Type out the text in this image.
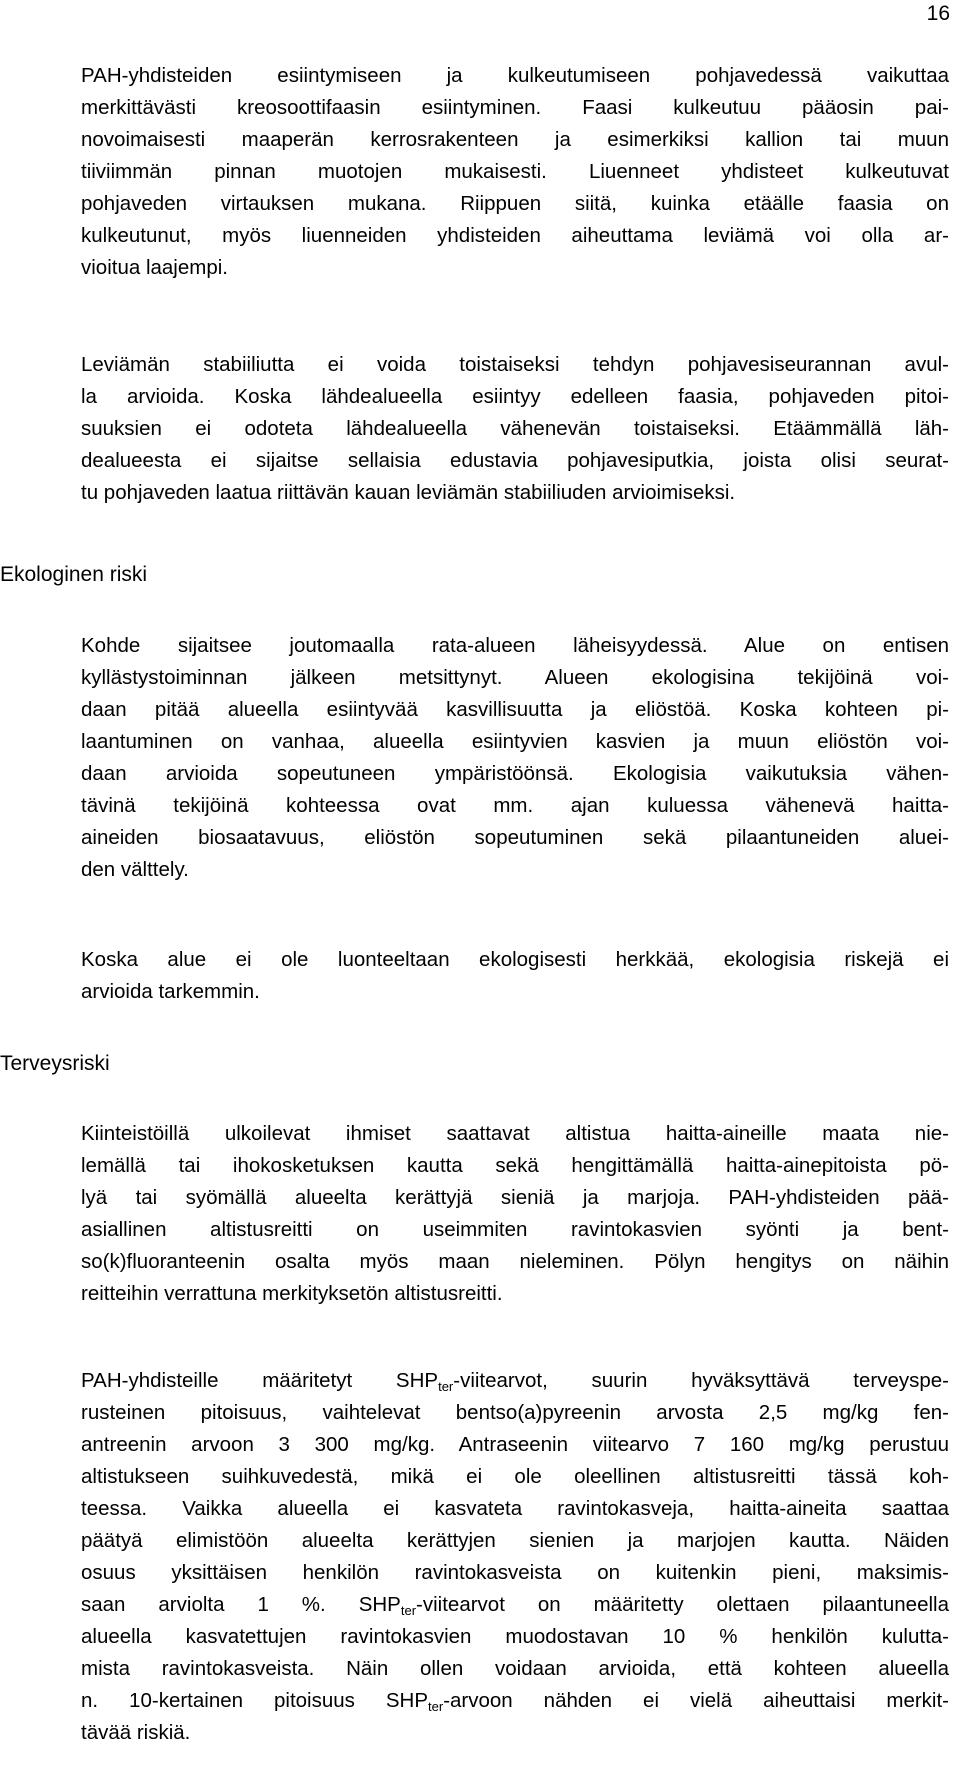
16
PAH-yhdisteiden esiintymiseen ja kulkeutumiseen pohjavedessä vaikuttaa
merkittävästi kreosoottifaasin esiintyminen. Faasi kulkeutuu pääosin pai-
novoimaisesti maaperän kerrosrakenteen ja esimerkiksi kallion tai muun
tiiviimmän pinnan muotojen mukaisesti. Liuenneet yhdisteet kulkeutuvat
pohjaveden virtauksen mukana. Riippuen siitä, kuinka etäälle faasia on
kulkeutunut, myös liuenneiden yhdisteiden aiheuttama leviämä voi olla ar-
vioitua laajempi.
Leviämän stabiiliutta ei voida toistaiseksi tehdyn pohjavesiseurannan avul-
la arvioida. Koska lähdealueella esiintyy edelleen faasia, pohjaveden pitoi-
suuksien ei odoteta lähdealueella vähenevän toistaiseksi. Etäämmällä läh-
dealueesta ei sijaitse sellaisia edustavia pohjavesiputkia, joista olisi seurat-
tu pohjaveden laatua riittävän kauan leviämän stabiiliuden arvioimiseksi.
Ekologinen riski
Kohde sijaitsee joutomaalla rata-alueen läheisyydessä. Alue on entisen
kyllästystoiminnan jälkeen metsittynyt. Alueen ekologisina tekijöinä voi-
daan pitää alueella esiintyvää kasvillisuutta ja eliöstöä. Koska kohteen pi-
laantuminen on vanhaa, alueella esiintyvien kasvien ja muun eliöstön voi-
daan arvioida sopeutuneen ympäristöönsä. Ekologisia vaikutuksia vähen-
tävinä tekijöinä kohteessa ovat mm. ajan kuluessa vähenevä haitta-
aineiden biosaatavuus, eliöstön sopeutuminen sekä pilaantuneiden aluei-
den välttely.
Koska alue ei ole luonteeltaan ekologisesti herkkää, ekologisia riskejä ei
arvioida tarkemmin.
Terveysriski
Kiinteistöillä ulkoilevat ihmiset saattavat altistua haitta-aineille maata nie-
lemällä tai ihokosketuksen kautta sekä hengittämällä haitta-ainepitoista pö-
lyä tai syömällä alueelta kerättyjä sieniä ja marjoja. PAH-yhdisteiden pää-
asiallinen altistusreitti on useimmiten ravintokasvien syönti ja bent-
so(k)fluoranteenin osalta myös maan nieleminen. Pölyn hengitys on näihin
reitteihin verrattuna merkityksetön altistusreitti.
PAH-yhdisteille määritetyt $SHP_{ter}$-viitearvot, suurin hyväksyttävä terveyspe-
rusteinen pitoisuus, vaihtelevat bentso(a)pyreenin arvosta 2,5 mg/kg fen-
antreenin arvoon 3 300 mg/kg. Antraseenin viitearvo 7 160 mg/kg perustuu
altistukseen suihkuvedestä, mikä ei ole oleellinen altistusreitti tässä koh-
teessa. Vaikka alueella ei kasvateta ravintokasveja, haitta-aineita saattaa
päätyä elimistöön alueelta kerättyjen sienien ja marjojen kautta. Näiden
osuus yksittäisen henkilön ravintokasveista on kuitenkin pieni, maksimis-
saan arviolta 1 %. $SHP_{ter}$-viitearvot on määritetty olettaen pilaantuneella
alueella kasvatettujen ravintokasvien muodostavan 10 % henkilön kulutta-
mista ravintokasveista. Näin ollen voidaan arvioida, että kohteen alueella
n. 10-kertainen pitoisuus $SHP_{ter}$-arvoon nähden ei vielä aiheuttaisi merkit-
tävää riskiä.
